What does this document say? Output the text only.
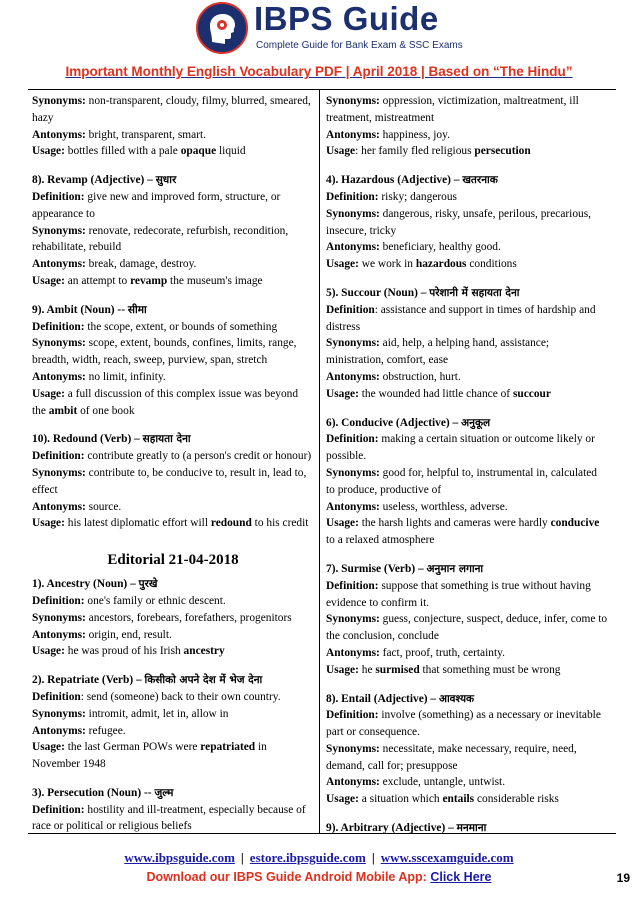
IBPS Guide
Complete Guide for Bank Exam & SSC Exams
Important Monthly English Vocabulary PDF | April 2018 | Based on “The Hindu”
Synonyms: non-transparent, cloudy, filmy, blurred, smeared,
hazy
Antonyms: bright, transparent, smart.
Usage: bottles filled with a pale opaque liquid
8). Revamp (Adjective) – सुधार
Definition: give new and improved form, structure, or
appearance to
Synonyms: renovate, redecorate, refurbish, recondition,
rehabilitate, rebuild
Antonyms: break, damage, destroy.
Usage: an attempt to revamp the museum's image
9). Ambit (Noun) -- सीमा
Definition: the scope, extent, or bounds of something
Synonyms: scope, extent, bounds, confines, limits, range,
breadth, width, reach, sweep, purview, span, stretch
Antonyms: no limit, infinity.
Usage: a full discussion of this complex issue was beyond
the ambit of one book
10). Redound (Verb) – सहायता देना
Definition: contribute greatly to (a person's credit or honour)
Synonyms: contribute to, be conducive to, result in, lead to,
effect
Antonyms: source.
Usage: his latest diplomatic effort will redound to his credit
Editorial 21-04-2018
1). Ancestry (Noun) – पुरखे
Definition: one's family or ethnic descent.
Synonyms: ancestors, forebears, forefathers, progenitors
Antonyms: origin, end, result.
Usage: he was proud of his Irish ancestry
2). Repatriate (Verb) – किसीको अपने देश में भेज देना
Definition: send (someone) back to their own country.
Synonyms: intromit, admit, let in, allow in
Antonyms: refugee.
Usage: the last German POWs were repatriated in
November 1948
3). Persecution (Noun) -- जुल्म
Definition: hostility and ill-treatment, especially because of
race or political or religious beliefs
Synonyms: oppression, victimization, maltreatment, ill
treatment, mistreatment
Antonyms: happiness, joy.
Usage: her family fled religious persecution
4). Hazardous (Adjective) – खतरनाक
Definition: risky; dangerous
Synonyms: dangerous, risky, unsafe, perilous, precarious,
insecure, tricky
Antonyms: beneficiary, healthy good.
Usage: we work in hazardous conditions
5). Succour (Noun) – परेशानी में सहायता देना
Definition: assistance and support in times of hardship and
distress
Synonyms: aid, help, a helping hand, assistance;
ministration, comfort, ease
Antonyms: obstruction, hurt.
Usage: the wounded had little chance of succour
6). Conducive (Adjective) – अनुकूल
Definition: making a certain situation or outcome likely or
possible.
Synonyms: good for, helpful to, instrumental in, calculated
to produce, productive of
Antonyms: useless, worthless, adverse.
Usage: the harsh lights and cameras were hardly conducive
to a relaxed atmosphere
7). Surmise (Verb) – अनुमान लगाना
Definition: suppose that something is true without having
evidence to confirm it.
Synonyms: guess, conjecture, suspect, deduce, infer, come to
the conclusion, conclude
Antonyms: fact, proof, truth, certainty.
Usage: he surmised that something must be wrong
8). Entail (Adjective) – आवश्यक
Definition: involve (something) as a necessary or inevitable
part or consequence.
Synonyms: necessitate, make necessary, require, need,
demand, call for; presuppose
Antonyms: exclude, untangle, untwist.
Usage: a situation which entails considerable risks
9). Arbitrary (Adjective) – मनमाना
www.ibpsguide.com | estore.ibpsguide.com | www.sscexamguide.com
Download our IBPS Guide Android Mobile App: Click Here	19
